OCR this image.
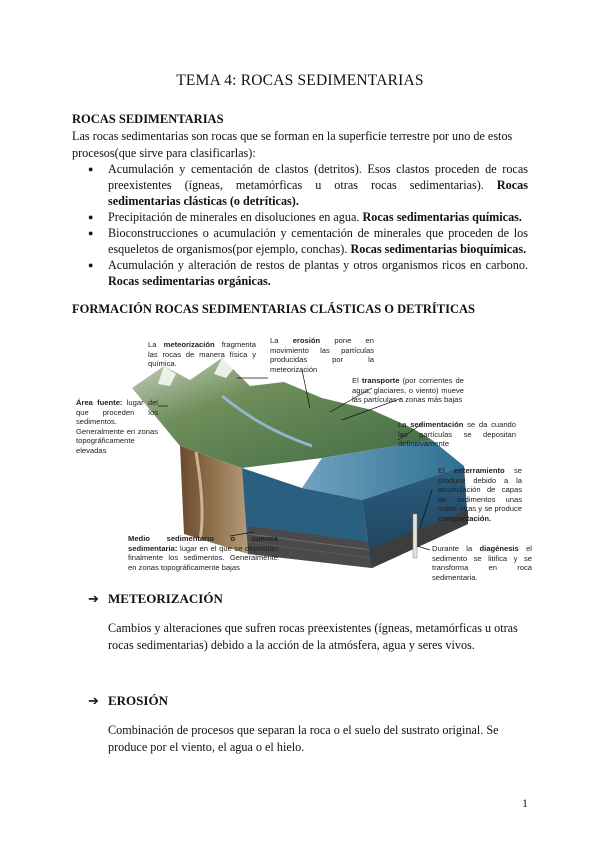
TEMA 4: ROCAS SEDIMENTARIAS
ROCAS SEDIMENTARIAS
Las rocas sedimentarias son rocas que se forman en la superficie terrestre por uno de estos
procesos(que sirve para clasificarlas):
● Acumulación y cementación de clastos (detritos). Esos clastos proceden de rocas preexistentes (ígneas, metamórficas u otras rocas sedimentarias). Rocas sedimentarias clásticas (o detríticas).
● Precipitación de minerales en disoluciones en agua. Rocas sedimentarias químicas.
● Bioconstrucciones o acumulación y cementación de minerales que proceden de los esqueletos de organismos(por ejemplo, conchas). Rocas sedimentarias bioquímicas.
● Acumulación y alteración de restos de plantas y otros organismos ricos en carbono. Rocas sedimentarias orgánicas.
FORMACIÓN ROCAS SEDIMENTARIAS CLÁSTICAS O DETRÍTICAS
La meteorización fragmenta las rocas de manera física y química.
La erosión pone en movimiento las partículas producidas por la meteorización
El transporte (por corrientes de agua, glaciares, o viento) mueve las partículas a zonas más bajas
La sedimentación se da cuando las partículas se depositan definitivamente
El enterramiento se produce debido a la acumulación de capas de sedimentos unas sobre otras y se produce compactación.
Área fuente: lugar del que proceden los sedimentos. Generalmente en zonas topográficamente elevadas
Medio sedimentario o cuenca sedimentaria: lugar en el que se depositan finalmente los sedimentos. Generalmente en zonas topográficamente bajas
Durante la diagénesis el sedimento se litifica y se transforma en roca sedimentaria.
➔ METEORIZACIÓN
Cambios y alteraciones que sufren rocas preexistentes (ígneas, metamórficas u otras
rocas sedimentarias) debido a la acción de la atmósfera, agua y seres vivos.
➔ EROSIÓN
Combinación de procesos que separan la roca o el suelo del sustrato original. Se
produce por el viento, el agua o el hielo.
1
